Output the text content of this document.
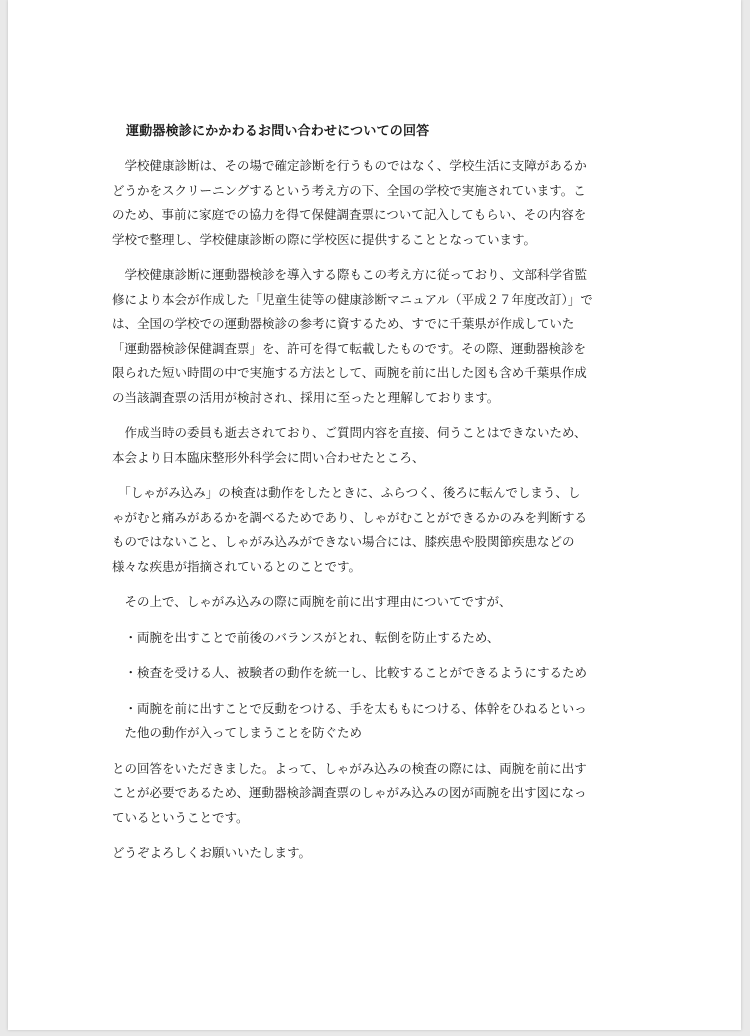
運動器検診にかかわるお問い合わせについての回答

　学校健康診断は、その場で確定診断を行うものではなく、学校生活に支障があるか

どうかをスクリーニングするという考え方の下、全国の学校で実施されています。こ

のため、事前に家庭での協力を得て保健調査票について記入してもらい、その内容を

学校で整理し、学校健康診断の際に学校医に提供することとなっています。

　学校健康診断に運動器検診を導入する際もこの考え方に従っており、文部科学省監

修により本会が作成した「児童生徒等の健康診断マニュアル（平成２７年度改訂）」で

は、全国の学校での運動器検診の参考に資するため、すでに千葉県が作成していた

「運動器検診保健調査票」を、許可を得て転載したものです。その際、運動器検診を

限られた短い時間の中で実施する方法として、両腕を前に出した図も含め千葉県作成

の当該調査票の活用が検討され、採用に至ったと理解しております。

　作成当時の委員も逝去されており、ご質問内容を直接、伺うことはできないため、

本会より日本臨床整形外科学会に問い合わせたところ、

　「しゃがみ込み」の検査は動作をしたときに、ふらつく、後ろに転んでしまう、し

ゃがむと痛みがあるかを調べるためであり、しゃがむことができるかのみを判断する

ものではないこと、しゃがみ込みができない場合には、膝疾患や股関節疾患などの

様々な疾患が指摘されているとのことです。

　その上で、しゃがみ込みの際に両腕を前に出す理由についてですが、

　・両腕を出すことで前後のバランスがとれ、転倒を防止するため、

　・検査を受ける人、被験者の動作を統一し、比較することができるようにするため

　・両腕を前に出すことで反動をつける、手を太ももにつける、体幹をひねるといっ

　た他の動作が入ってしまうことを防ぐため

との回答をいただきました。よって、しゃがみ込みの検査の際には、両腕を前に出す

ことが必要であるため、運動器検診調査票のしゃがみ込みの図が両腕を出す図になっ

ているということです。

どうぞよろしくお願いいたします。
